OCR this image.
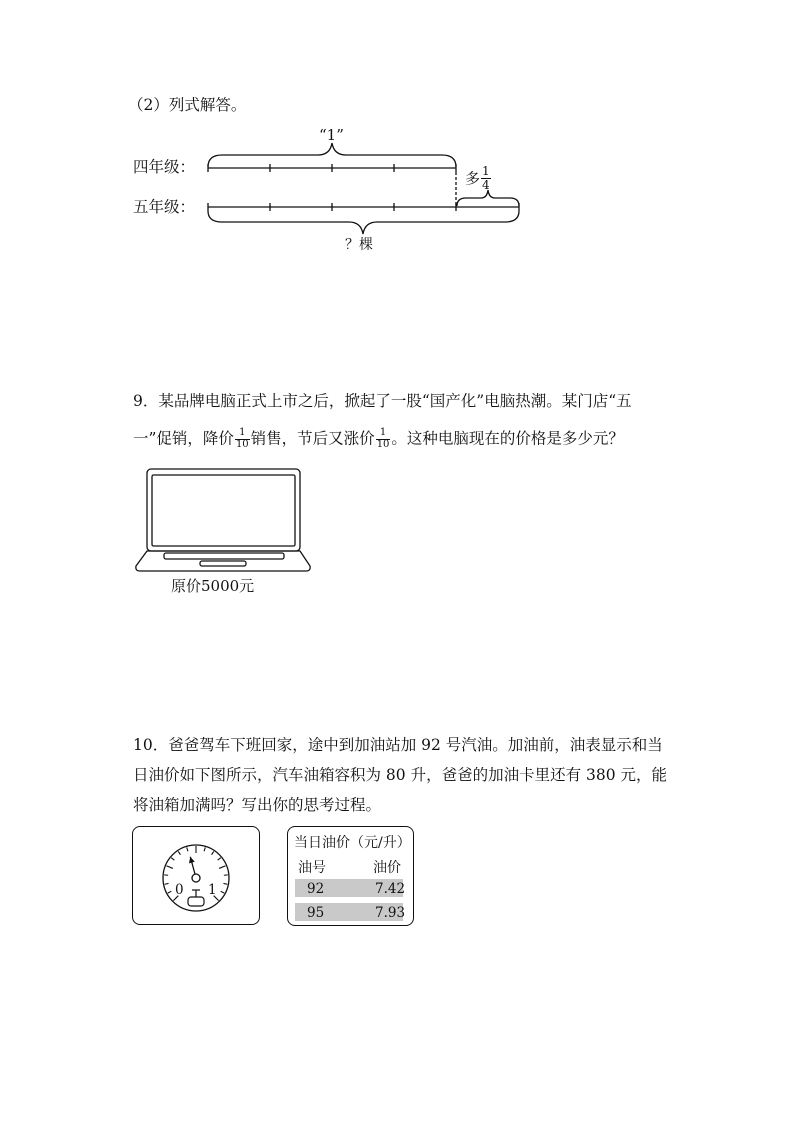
（2）列式解答。
“1”
四年级：
五年级：
多 $\frac{1}{4}$
？棵
9．某品牌电脑正式上市之后，掀起了一股“国产化”电脑热潮。某门店“五
一”促销，降价 $\frac{1}{10}$ 销售，节后又涨价 $\frac{1}{10}$ 。这种电脑现在的价格是多少元？
原价5000元
10．爸爸驾车下班回家，途中到加油站加 92 号汽油。加油前，油表显示和当
日油价如下图所示，汽车油箱容积为 80 升，爸爸的加油卡里还有 380 元，能
将油箱加满吗？写出你的思考过程。
0 1
当日油价（元/升）
油号	油价
92	7.42
95	7.93
